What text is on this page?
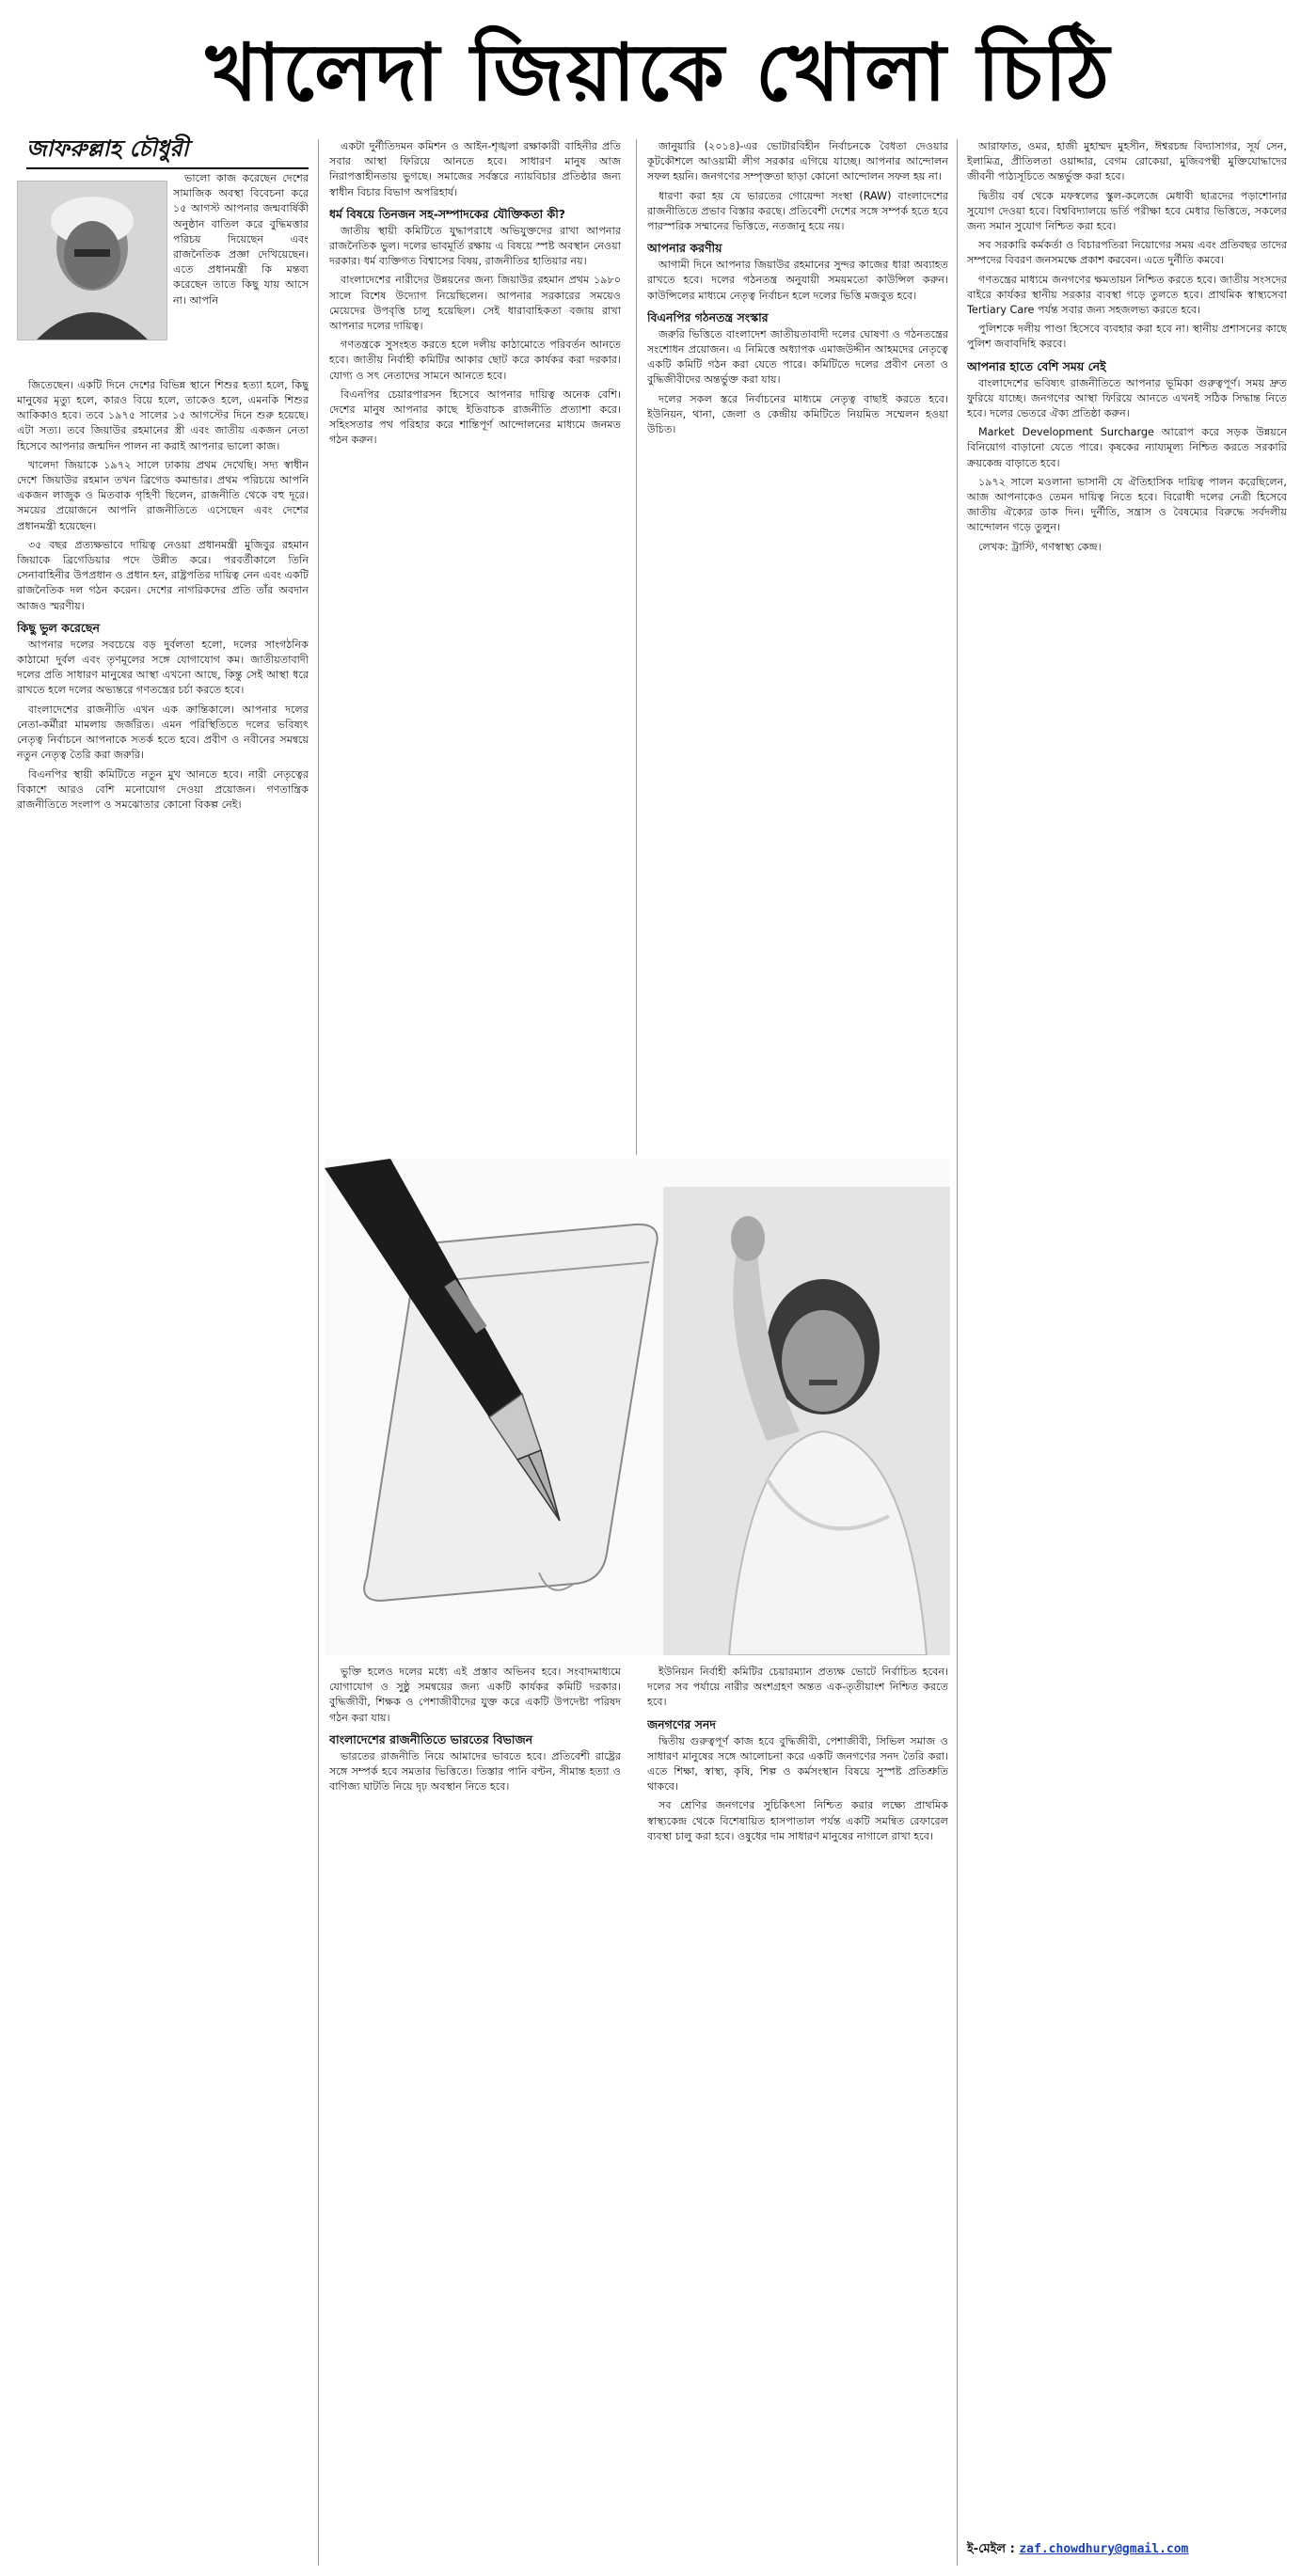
খালেদা জিয়াকে খোলা চিঠি
জাফরুল্লাহ চৌধুরী

ভালো কাজ করেছেন দেশের সামাজিক অবস্থা বিবেচনা করে ১৫ আগস্ট আপনার জন্মবার্ষিকী অনুষ্ঠান বাতিল করে বুদ্ধিমত্তার পরিচয় দিয়েছেন এবং রাজনৈতিক প্রজ্ঞা দেখিয়েছেন। এতে প্রধানমন্ত্রী কি মন্তব্য করেছেন তাতে কিছু যায় আসে না। আপনি

জিতেছেন। একটি দিনে দেশের বিভিন্ন স্থানে শিশুর হত্যা হলে, কিছু মানুষের মৃত্যু হলে, কারও বিয়ে হলে, তাকেও হলে, এমনকি শিশুর আকিকাও হবে। তবে ১৯৭৫ সালের ১৫ আগস্টের দিনে শুরু হয়েছে। এটা সত্য। তবে জিয়াউর রহমানের স্ত্রী এবং জাতীয় একজন নেতা হিসেবে আপনার জন্মদিন পালন না করাই আপনার ভালো কাজ।

খালেদা জিয়াকে ১৯৭২ সালে ঢাকায় প্রথম দেখেছি। সদ্য স্বাধীন দেশে জিয়াউর রহমান তখন ব্রিগেড কমান্ডার। প্রথম পরিচয়ে আপনি একজন লাজুক ও মিতবাক গৃহিণী ছিলেন, রাজনীতি থেকে বহু দূরে। সময়ের প্রয়োজনে আপনি রাজনীতিতে এসেছেন এবং দেশের প্রধানমন্ত্রী হয়েছেন।

৩৫ বছর প্রত্যক্ষভাবে দায়িত্ব নেওয়া প্রধানমন্ত্রী মুজিবুর রহমান জিয়াকে ব্রিগেডিয়ার পদে উন্নীত করে। পরবর্তীকালে তিনি সেনাবাহিনীর উপপ্রধান ও প্রধান হন, রাষ্ট্রপতির দায়িত্ব নেন এবং একটি রাজনৈতিক দল গঠন করেন। দেশের নাগরিকদের প্রতি তাঁর অবদান আজও স্মরণীয়।

কিছু ভুল করেছেন

আপনার দলের সবচেয়ে বড় দুর্বলতা হলো, দলের সাংগঠনিক কাঠামো দুর্বল এবং তৃণমূলের সঙ্গে যোগাযোগ কম। জাতীয়তাবাদী দলের প্রতি সাধারণ মানুষের আস্থা এখনো আছে, কিন্তু সেই আস্থা ধরে রাখতে হলে দলের অভ্যন্তরে গণতন্ত্রের চর্চা করতে হবে।

বাংলাদেশের রাজনীতি এখন এক ক্রান্তিকালে। আপনার দলের নেতা-কর্মীরা মামলায় জর্জরিত। এমন পরিস্থিতিতে দলের ভবিষ্যৎ নেতৃত্ব নির্বাচনে আপনাকে সতর্ক হতে হবে। প্রবীণ ও নবীনের সমন্বয়ে নতুন নেতৃত্ব তৈরি করা জরুরি।

বিএনপির স্থায়ী কমিটিতে নতুন মুখ আনতে হবে। নারী নেতৃত্বের বিকাশে আরও বেশি মনোযোগ দেওয়া প্রয়োজন। গণতান্ত্রিক রাজনীতিতে সংলাপ ও সমঝোতার কোনো বিকল্প নেই।

একটা দুর্নীতিদমন কমিশন ও আইন-শৃঙ্খলা রক্ষাকারী বাহিনীর প্রতি সবার আস্থা ফিরিয়ে আনতে হবে। সাধারণ মানুষ আজ নিরাপত্তাহীনতায় ভুগছে। সমাজের সর্বস্তরে ন্যায়বিচার প্রতিষ্ঠার জন্য স্বাধীন বিচার বিভাগ অপরিহার্য।

ধর্ম বিষয়ে তিনজন সহ-সম্পাদকের যৌক্তিকতা কী?

জাতীয় স্থায়ী কমিটিতে যুদ্ধাপরাধে অভিযুক্তদের রাখা আপনার রাজনৈতিক ভুল। দলের ভাবমূর্তি রক্ষায় এ বিষয়ে স্পষ্ট অবস্থান নেওয়া দরকার। ধর্ম ব্যক্তিগত বিশ্বাসের বিষয়, রাজনীতির হাতিয়ার নয়।

বাংলাদেশের নারীদের উন্নয়নের জন্য জিয়াউর রহমান প্রথম ১৯৮০ সালে বিশেষ উদ্যোগ নিয়েছিলেন। আপনার সরকারের সময়েও মেয়েদের উপবৃত্তি চালু হয়েছিল। সেই ধারাবাহিকতা বজায় রাখা আপনার দলের দায়িত্ব।

গণতন্ত্রকে সুসংহত করতে হলে দলীয় কাঠামোতে পরিবর্তন আনতে হবে। জাতীয় নির্বাহী কমিটির আকার ছোট করে কার্যকর করা দরকার। যোগ্য ও সৎ নেতাদের সামনে আনতে হবে।

বিএনপির চেয়ারপারসন হিসেবে আপনার দায়িত্ব অনেক বেশি। দেশের মানুষ আপনার কাছে ইতিবাচক রাজনীতি প্রত্যাশা করে। সহিংসতার পথ পরিহার করে শান্তিপূর্ণ আন্দোলনের মাধ্যমে জনমত গঠন করুন।

জানুয়ারি (২০১৪)-এর ভোটারবিহীন নির্বাচনকে বৈধতা দেওয়ার কূটকৌশলে আওয়ামী লীগ সরকার এগিয়ে যাচ্ছে। আপনার আন্দোলন সফল হয়নি। জনগণের সম্পৃক্ততা ছাড়া কোনো আন্দোলন সফল হয় না।

ধারণা করা হয় যে ভারতের গোয়েন্দা সংস্থা (RAW) বাংলাদেশের রাজনীতিতে প্রভাব বিস্তার করছে। প্রতিবেশী দেশের সঙ্গে সম্পর্ক হতে হবে পারস্পরিক সম্মানের ভিত্তিতে, নতজানু হয়ে নয়।

আপনার করণীয়

আগামী দিনে আপনার জিয়াউর রহমানের সুন্দর কাজের ধারা অব্যাহত রাখতে হবে। দলের গঠনতন্ত্র অনুযায়ী সময়মতো কাউন্সিল করুন। কাউন্সিলের মাধ্যমে নেতৃত্ব নির্বাচন হলে দলের ভিত্তি মজবুত হবে।

বিএনপির গঠনতন্ত্র সংস্কার

জরুরি ভিত্তিতে বাংলাদেশ জাতীয়তাবাদী দলের ঘোষণা ও গঠনতন্ত্রের সংশোধন প্রয়োজন। এ নিমিত্তে অধ্যাপক এমাজউদ্দীন আহমদের নেতৃত্বে একটি কমিটি গঠন করা যেতে পারে। কমিটিতে দলের প্রবীণ নেতা ও বুদ্ধিজীবীদের অন্তর্ভুক্ত করা যায়।

দলের সকল স্তরে নির্বাচনের মাধ্যমে নেতৃত্ব বাছাই করতে হবে। ইউনিয়ন, থানা, জেলা ও কেন্দ্রীয় কমিটিতে নিয়মিত সম্মেলন হওয়া উচিত।

আরাফাত, ওমর, হাজী মুহাম্মদ মুহসীন, ঈশ্বরচন্দ্র বিদ্যাসাগর, সূর্য সেন, ইলামিত্র, প্রীতিলতা ওয়াদ্দার, বেগম রোকেয়া, মুজিবপন্থী মুক্তিযোদ্ধাদের জীবনী পাঠ্যসূচিতে অন্তর্ভুক্ত করা হবে।

দ্বিতীয় বর্ষ থেকে মফস্বলের স্কুল-কলেজে মেধাবী ছাত্রদের পড়াশোনার সুযোগ দেওয়া হবে। বিশ্ববিদ্যালয়ে ভর্তি পরীক্ষা হবে মেধার ভিত্তিতে, সকলের জন্য সমান সুযোগ নিশ্চিত করা হবে।

সব সরকারি কর্মকর্তা ও বিচারপতিরা নিয়োগের সময় এবং প্রতিবছর তাদের সম্পদের বিবরণ জনসমক্ষে প্রকাশ করবেন। এতে দুর্নীতি কমবে।

গণতন্ত্রের মাধ্যমে জনগণের ক্ষমতায়ন নিশ্চিত করতে হবে। জাতীয় সংসদের বাইরে কার্যকর স্থানীয় সরকার ব্যবস্থা গড়ে তুলতে হবে। প্রাথমিক স্বাস্থ্যসেবা Tertiary Care পর্যন্ত সবার জন্য সহজলভ্য করতে হবে।

পুলিশকে দলীয় পাণ্ডা হিসেবে ব্যবহার করা হবে না। স্থানীয় প্রশাসনের কাছে পুলিশ জবাবদিহি করবে।

আপনার হাতে বেশি সময় নেই

বাংলাদেশের ভবিষ্যৎ রাজনীতিতে আপনার ভূমিকা গুরুত্বপূর্ণ। সময় দ্রুত ফুরিয়ে যাচ্ছে। জনগণের আস্থা ফিরিয়ে আনতে এখনই সঠিক সিদ্ধান্ত নিতে হবে। দলের ভেতরে ঐক্য প্রতিষ্ঠা করুন।

Market Development Surcharge আরোপ করে সড়ক উন্নয়নে বিনিয়োগ বাড়ানো যেতে পারে। কৃষকের ন্যায্যমূল্য নিশ্চিত করতে সরকারি ক্রয়কেন্দ্র বাড়াতে হবে।

১৯৭২ সালে মওলানা ভাসানী যে ঐতিহাসিক দায়িত্ব পালন করেছিলেন, আজ আপনাকেও তেমন দায়িত্ব নিতে হবে। বিরোধী দলের নেত্রী হিসেবে জাতীয় ঐক্যের ডাক দিন। দুর্নীতি, সন্ত্রাস ও বৈষম্যের বিরুদ্ধে সর্বদলীয় আন্দোলন গড়ে তুলুন।

লেখক: ট্রাস্টি, গণস্বাস্থ্য কেন্দ্র।

ভুক্তি হলেও দলের মধ্যে এই প্রস্তাব অভিনব হবে। সংবাদমাধ্যমে যোগাযোগ ও সুষ্ঠু সমন্বয়ের জন্য একটি কার্যকর কমিটি দরকার। বুদ্ধিজীবী, শিক্ষক ও পেশাজীবীদের যুক্ত করে একটি উপদেষ্টা পরিষদ গঠন করা যায়।

বাংলাদেশের রাজনীতিতে ভারতের বিভাজন

ভারতের রাজনীতি নিয়ে আমাদের ভাবতে হবে। প্রতিবেশী রাষ্ট্রের সঙ্গে সম্পর্ক হবে সমতার ভিত্তিতে। তিস্তার পানি বণ্টন, সীমান্ত হত্যা ও বাণিজ্য ঘাটতি নিয়ে দৃঢ় অবস্থান নিতে হবে।

ইউনিয়ন নির্বাহী কমিটির চেয়ারম্যান প্রত্যক্ষ ভোটে নির্বাচিত হবেন। দলের সব পর্যায়ে নারীর অংশগ্রহণ অন্তত এক-তৃতীয়াংশ নিশ্চিত করতে হবে।

জনগণের সনদ

দ্বিতীয় গুরুত্বপূর্ণ কাজ হবে বুদ্ধিজীবী, পেশাজীবী, সিভিল সমাজ ও সাধারণ মানুষের সঙ্গে আলোচনা করে একটি জনগণের সনদ তৈরি করা। এতে শিক্ষা, স্বাস্থ্য, কৃষি, শিল্প ও কর্মসংস্থান বিষয়ে সুস্পষ্ট প্রতিশ্রুতি থাকবে।

সব শ্রেণির জনগণের সুচিকিৎসা নিশ্চিত করার লক্ষ্যে প্রাথমিক স্বাস্থ্যকেন্দ্র থেকে বিশেষায়িত হাসপাতাল পর্যন্ত একটি সমন্বিত রেফারেল ব্যবস্থা চালু করা হবে। ওষুধের দাম সাধারণ মানুষের নাগালে রাখা হবে।

ই-মেইল : zaf.chowdhury@gmail.com
